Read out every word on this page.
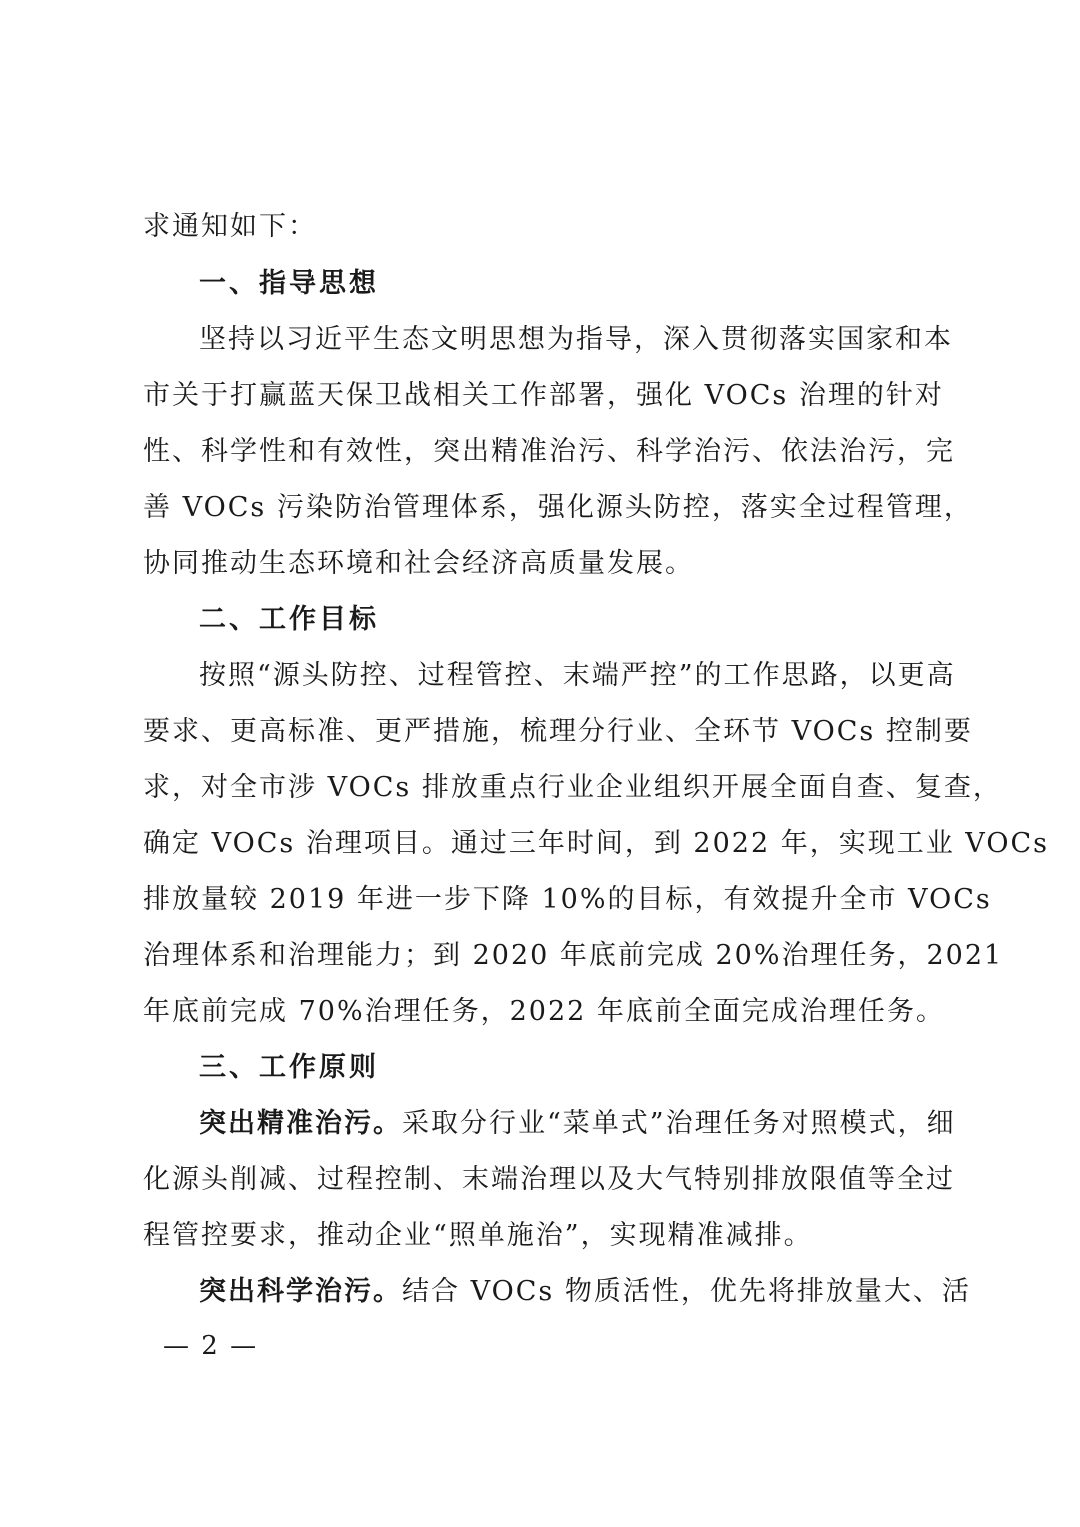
求通知如下：
一、指导思想
坚持以习近平生态文明思想为指导，深入贯彻落实国家和本
市关于打赢蓝天保卫战相关工作部署，强化 VOCs 治理的针对
性、科学性和有效性，突出精准治污、科学治污、依法治污，完
善 VOCs 污染防治管理体系，强化源头防控，落实全过程管理，
协同推动生态环境和社会经济高质量发展。
二、工作目标
按照“源头防控、过程管控、末端严控”的工作思路，以更高
要求、更高标准、更严措施，梳理分行业、全环节 VOCs 控制要
求，对全市涉 VOCs 排放重点行业企业组织开展全面自查、复查，
确定 VOCs 治理项目。通过三年时间，到 2022 年，实现工业 VOCs
排放量较 2019 年进一步下降 10%的目标，有效提升全市 VOCs
治理体系和治理能力；到 2020 年底前完成 20%治理任务，2021
年底前完成 70%治理任务，2022 年底前全面完成治理任务。
三、工作原则
突出精准治污。采取分行业“菜单式”治理任务对照模式，细
化源头削减、过程控制、末端治理以及大气特别排放限值等全过
程管控要求，推动企业“照单施治”，实现精准减排。
突出科学治污。结合 VOCs 物质活性，优先将排放量大、活
— 2 —
